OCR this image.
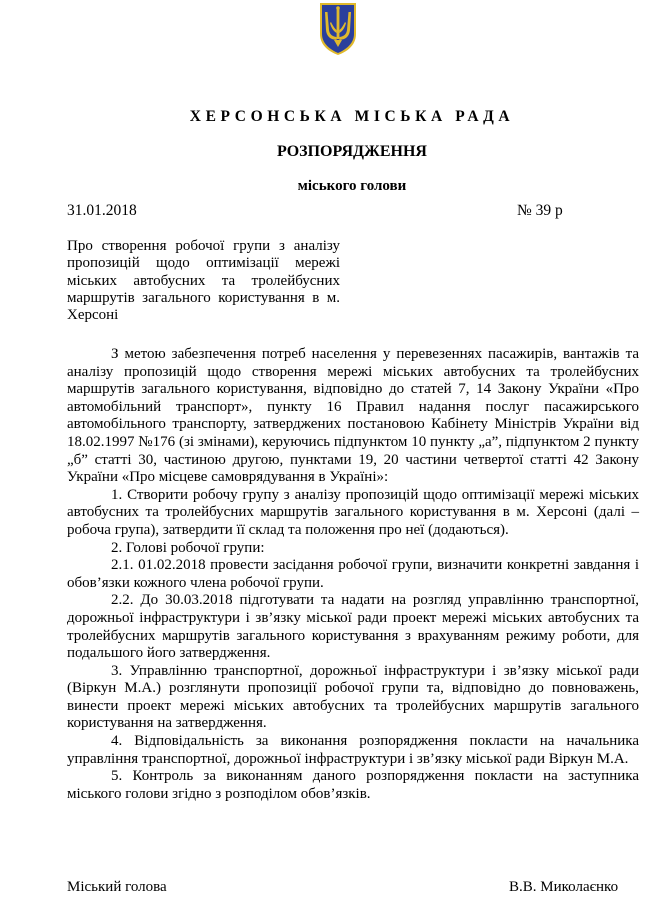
ХЕРСОНСЬКА МІСЬКА РАДА
РОЗПОРЯДЖЕННЯ
міського голови
31.01.2018	№ 39 р
Про створення робочої групи з аналізу пропозицій щодо оптимізації мережі міських автобусних та тролейбусних маршрутів загального користування в м. Херсоні

З метою забезпечення потреб населення у перевезеннях пасажирів, вантажів та аналізу пропозицій щодо створення мережі міських автобусних та тролейбусних маршрутів загального користування, відповідно до статей 7, 14 Закону України «Про автомобільний транспорт», пункту 16 Правил надання послуг пасажирського автомобільного транспорту, затверджених постановою Кабінету Міністрів України від 18.02.1997 №176 (зі змінами), керуючись підпунктом 10 пункту „а”, підпунктом 2 пункту „б” статті 30, частиною другою, пунктами 19, 20 частини четвертої статті 42 Закону України «Про місцеве самоврядування в Україні»:

1. Створити робочу групу з аналізу пропозицій щодо оптимізації мережі міських автобусних та тролейбусних маршрутів загального користування в м. Херсоні (далі – робоча група), затвердити її склад та положення про неї (додаються).

2. Голові робочої групи:

2.1. 01.02.2018 провести засідання робочої групи, визначити конкретні завдання і обов’язки кожного члена робочої групи.

2.2. До 30.03.2018 підготувати та надати на розгляд управлінню транспортної, дорожньої інфраструктури і зв’язку міської ради проект мережі міських автобусних та тролейбусних маршрутів загального користування з врахуванням режиму роботи, для подальшого його затвердження.

3. Управлінню транспортної, дорожньої інфраструктури і зв’язку міської ради (Віркун М.А.) розглянути пропозиції робочої групи та, відповідно до повноважень, винести проект мережі міських автобусних та тролейбусних маршрутів загального користування на затвердження.

4. Відповідальність за виконання розпорядження покласти на начальника управління транспортної, дорожньої інфраструктури і зв’язку міської ради Віркун М.А.

5. Контроль за виконанням даного розпорядження покласти на заступника міського голови згідно з розподілом обов’язків.

Міський голова	В.В. Миколаєнко
